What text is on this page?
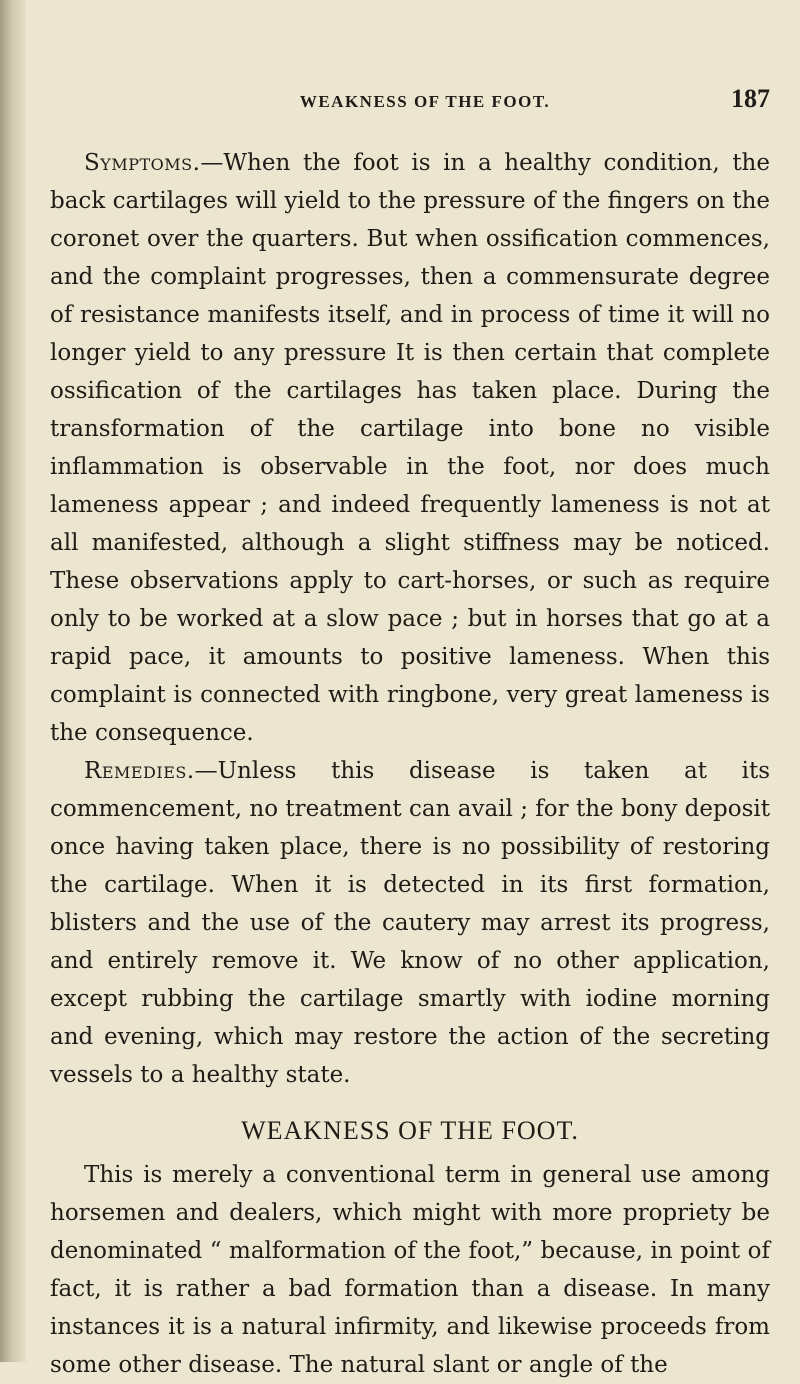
WEAKNESS OF THE FOOT.	187

Symptoms.—When the foot is in a healthy condition, the back cartilages will yield to the pressure of the fingers on the coronet over the quarters. But when ossification commences, and the complaint progresses, then a commensurate degree of resistance manifests itself, and in process of time it will no longer yield to any pressure It is then certain that complete ossification of the cartilages has taken place. During the transformation of the cartilage into bone no visible inflammation is observable in the foot, nor does much lameness appear ; and indeed frequently lameness is not at all manifested, although a slight stiffness may be noticed. These observations apply to cart-horses, or such as require only to be worked at a slow pace ; but in horses that go at a rapid pace, it amounts to positive lameness. When this complaint is connected with ringbone, very great lameness is the consequence.

Remedies.—Unless this disease is taken at its commencement, no treatment can avail ; for the bony deposit once having taken place, there is no possibility of restoring the cartilage. When it is detected in its first formation, blisters and the use of the cautery may arrest its progress, and entirely remove it. We know of no other application, except rubbing the cartilage smartly with iodine morning and evening, which may restore the action of the secreting vessels to a healthy state.

WEAKNESS OF THE FOOT.

This is merely a conventional term in general use among horsemen and dealers, which might with more propriety be denominated “ malformation of the foot,” because, in point of fact, it is rather a bad formation than a disease. In many instances it is a natural infirmity, and likewise proceeds from some other disease. The natural slant or angle of the
